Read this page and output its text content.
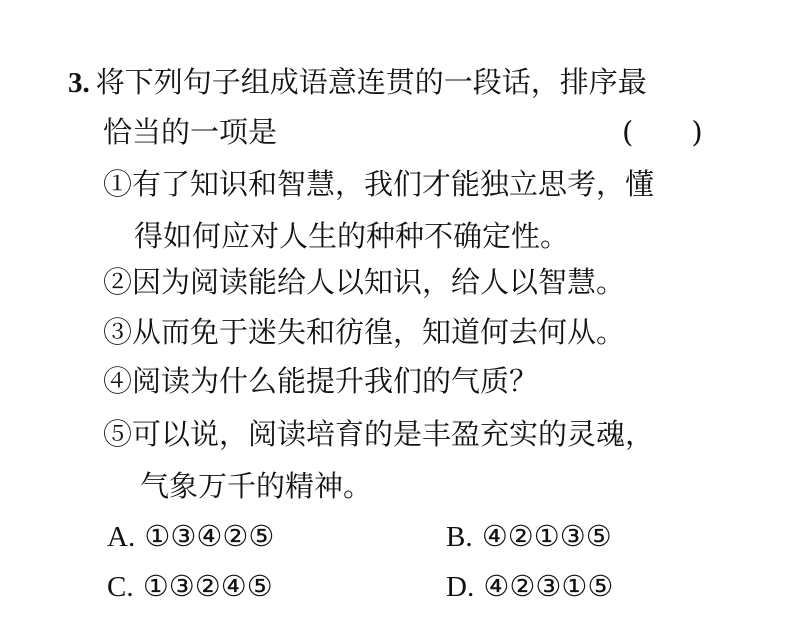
3. 将下列句子组成语意连贯的一段话，排序最
恰当的一项是	(　　)
①有了知识和智慧，我们才能独立思考，懂
得如何应对人生的种种不确定性。
②因为阅读能给人以知识，给人以智慧。
③从而免于迷失和彷徨，知道何去何从。
④阅读为什么能提升我们的气质？
⑤可以说，阅读培育的是丰盈充实的灵魂，
气象万千的精神。
A. ①③④②⑤	B. ④②①③⑤
C. ①③②④⑤	D. ④②③①⑤
